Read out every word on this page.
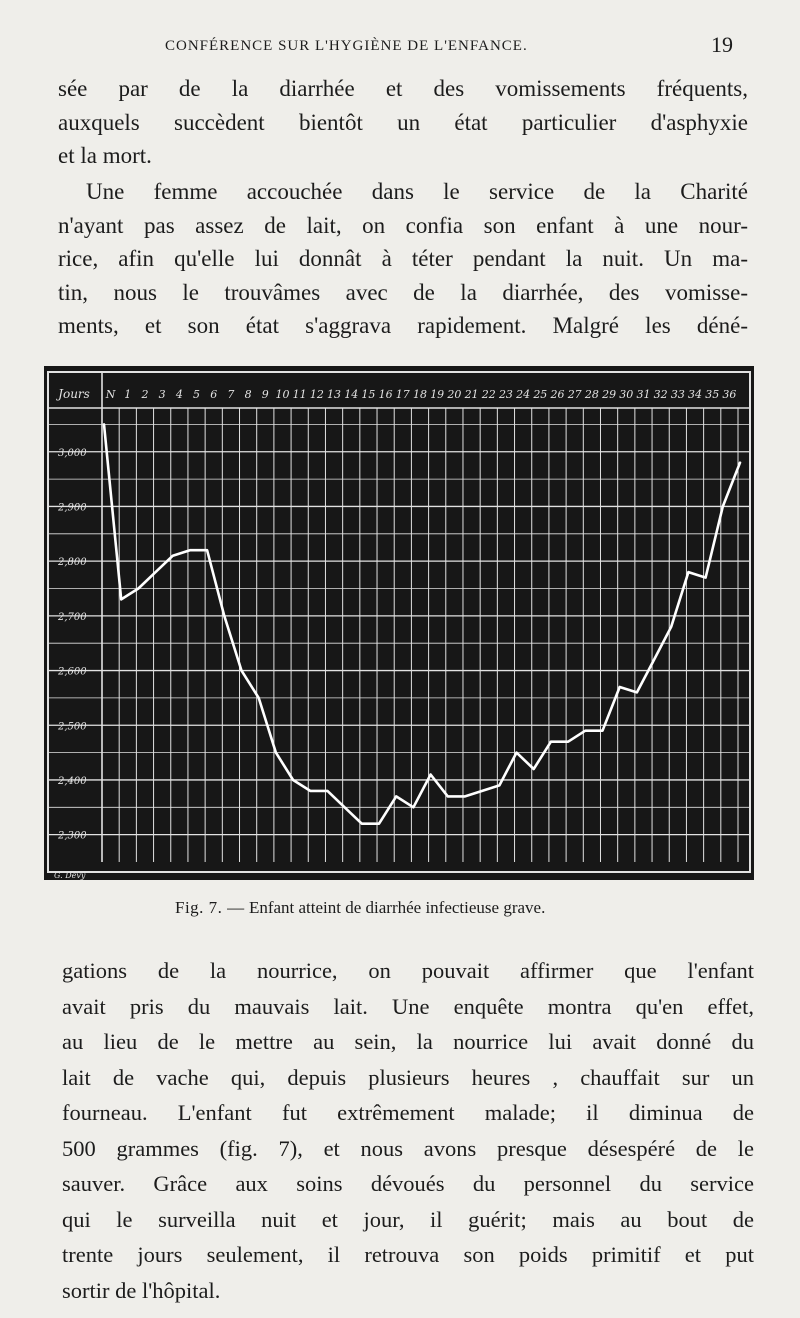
CONFÉRENCE SUR L'HYGIÈNE DE L'ENFANCE.	19

sée par de la diarrhée et des vomissements fréquents,
auxquels succèdent bientôt un état particulier d'asphyxie
et la mort.

Une femme accouchée dans le service de la Charité
n'ayant pas assez de lait, on confia son enfant à une nour-
rice, afin qu'elle lui donnât à téter pendant la nuit. Un ma-
tin, nous le trouvâmes avec de la diarrhée, des vomisse-
ments, et son état s'aggrava rapidement. Malgré les déné-

N 1 2 3 4 5 6 7 8 9 10 11 12 13 14 15 16 17 18 19 20 21 22 23 24 25 26 27 28 29 30 31 32 33 34 35 36
Jours
3,000
2,900
2,800
2,700
2,600
2,500
2,400
2,300
G. Devy
Fig. 7. — Enfant atteint de diarrhée infectieuse grave.

gations de la nourrice, on pouvait affirmer que l'enfant
avait pris du mauvais lait. Une enquête montra qu'en effet,
au lieu de le mettre au sein, la nourrice lui avait donné du
lait de vache qui, depuis plusieurs heures , chauffait sur un
fourneau. L'enfant fut extrêmement malade; il diminua de
500 grammes (fig. 7), et nous avons presque désespéré de le
sauver. Grâce aux soins dévoués du personnel du service
qui le surveilla nuit et jour, il guérit; mais au bout de
trente jours seulement, il retrouva son poids primitif et put
sortir de l'hôpital.
